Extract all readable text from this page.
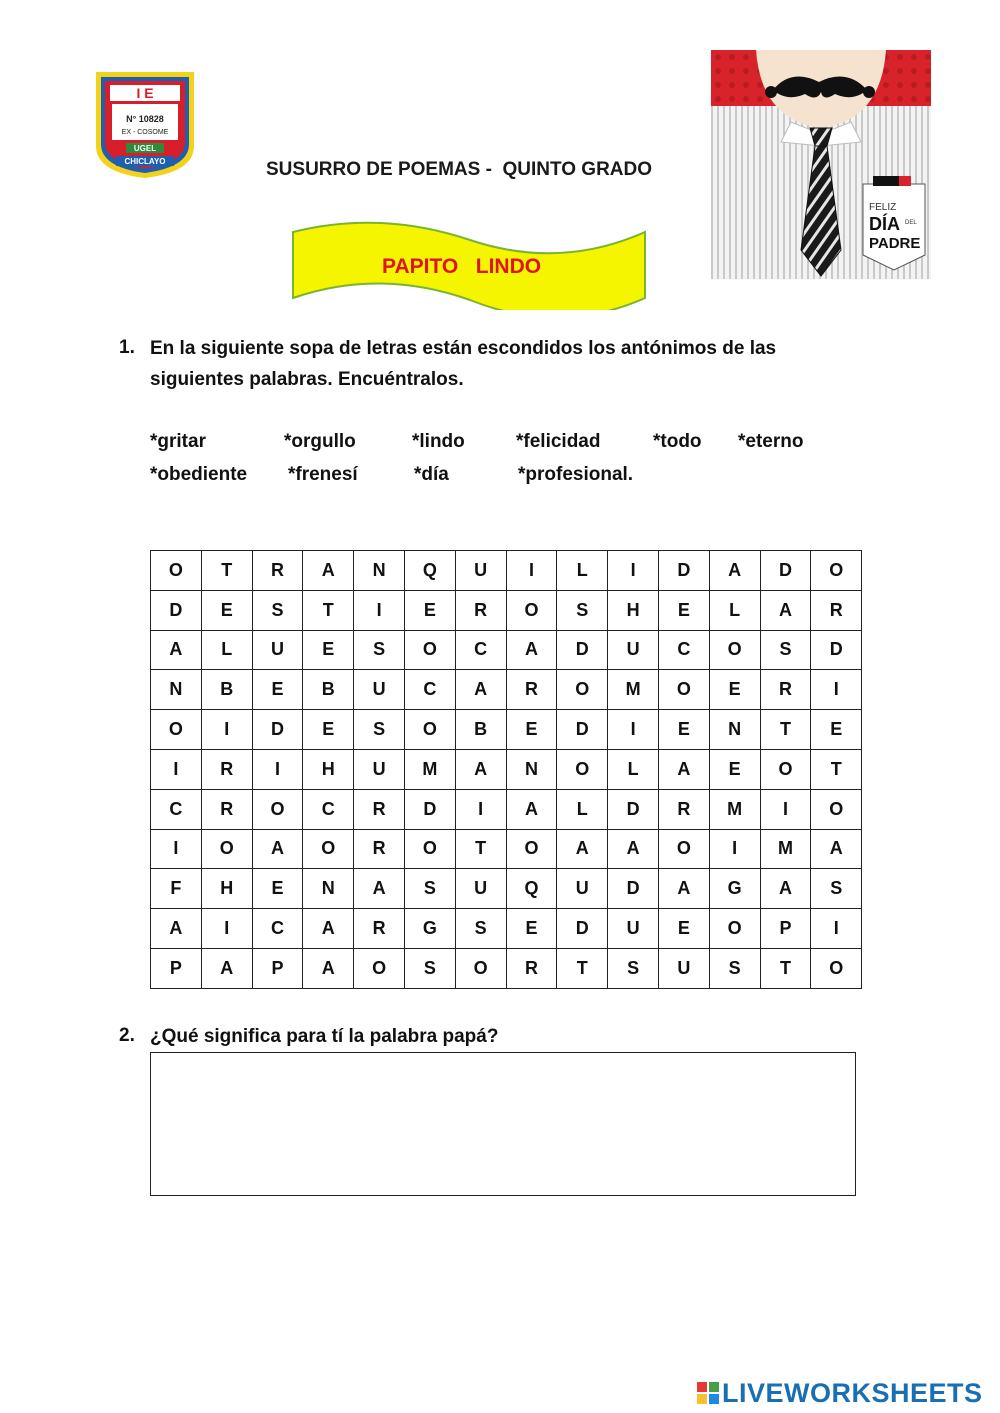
I E
N° 10828
EX - COSOME
UGEL
CHICLAYO	SUSURRO DE POEMAS -  QUINTO GRADO
PAPITO   LINDO
FELIZ
DÍA DEL
PADRE
1. En la siguiente sopa de letras están escondidos los antónimos de las siguientes palabras. Encuéntralos.
*gritar	*orgullo	*lindo	*felicidad	*todo *eterno
*obediente *frenesí	*día	*profesional.
O	T	R	A	N	Q	U	I	L	I	D	A	D	O
D	E	S	T	I	E	R	O	S	H	E	L	A	R
A	L	U	E	S	O	C	A	D	U	C	O	S	D
N	B	E	B	U	C	A	R	O	M	O	E	R	I
O	I	D	E	S	O	B	E	D	I	E	N	T	E
I	R	I	H	U	M	A	N	O	L	A	E	O	T
C	R	O	C	R	D	I	A	L	D	R	M	I	O
I	O	A	O	R	O	T	O	A	A	O	I	M	A
F	H	E	N	A	S	U	Q	U	D	A	G	A	S
A	I	C	A	R	G	S	E	D	U	E	O	P	I
P	A	P	A	O	S	O	R	T	S	U	S	T	O
2. ¿Qué significa para tí la palabra papá?
LIVEWORKSHEETS
